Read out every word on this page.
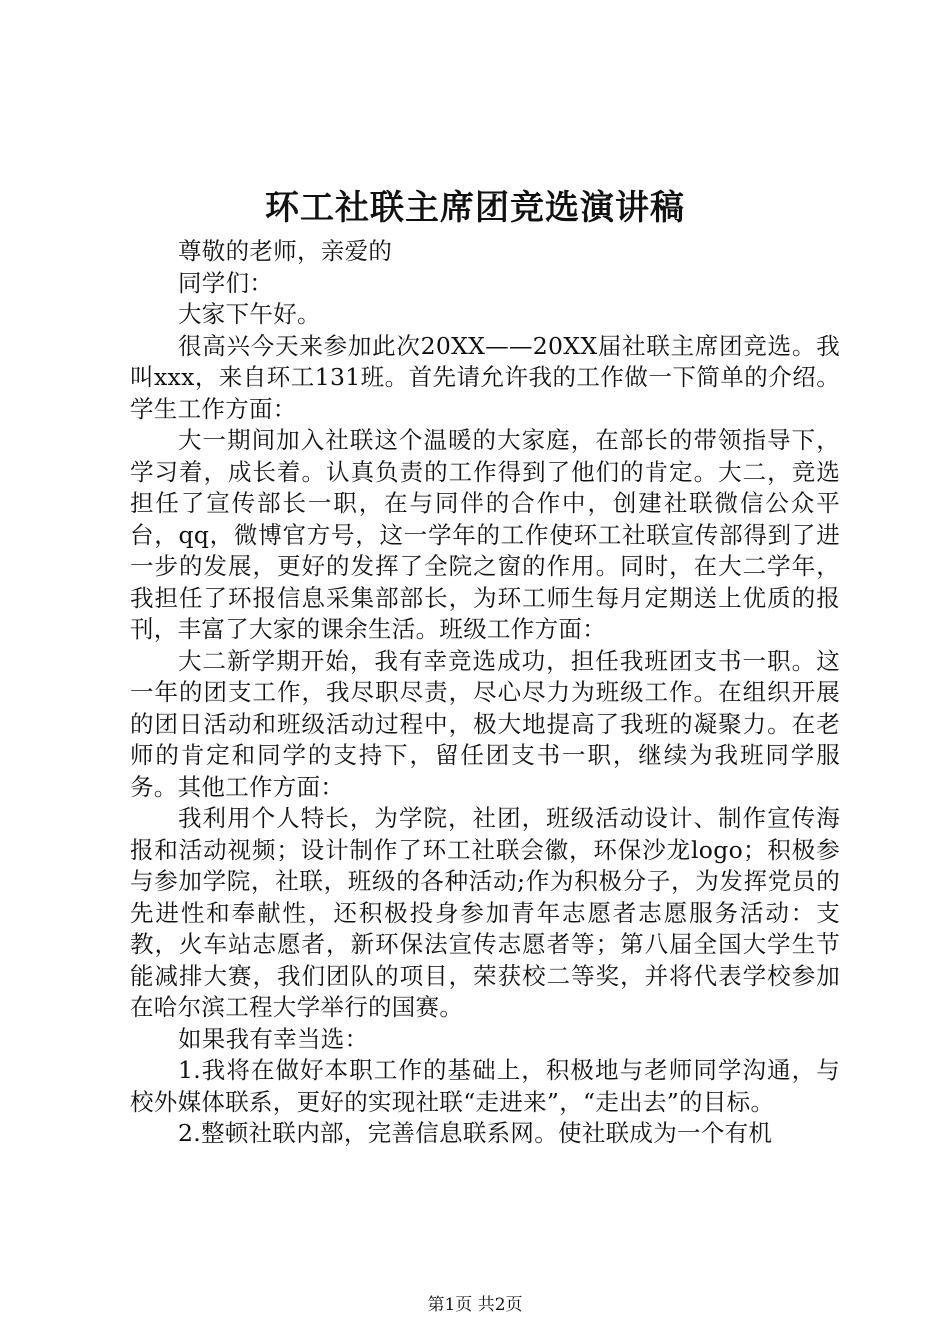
环工社联主席团竞选演讲稿

尊敬的老师，亲爱的

同学们：

大家下午好。

很高兴今天来参加此次20XX——20XX届社联主席团竞选。我叫xxx，来自环工131班。首先请允许我的工作做一下简单的介绍。学生工作方面：

大一期间加入社联这个温暖的大家庭，在部长的带领指导下，学习着，成长着。认真负责的工作得到了他们的肯定。大二，竞选担任了宣传部长一职，在与同伴的合作中，创建社联微信公众平台，qq，微博官方号，这一学年的工作使环工社联宣传部得到了进一步的发展，更好的发挥了全院之窗的作用。同时，在大二学年，我担任了环报信息采集部部长，为环工师生每月定期送上优质的报刊，丰富了大家的课余生活。班级工作方面：

大二新学期开始，我有幸竞选成功，担任我班团支书一职。这一年的团支工作，我尽职尽责，尽心尽力为班级工作。在组织开展的团日活动和班级活动过程中，极大地提高了我班的凝聚力。在老师的肯定和同学的支持下，留任团支书一职，继续为我班同学服务。其他工作方面：

我利用个人特长，为学院，社团，班级活动设计、制作宣传海报和活动视频；设计制作了环工社联会徽，环保沙龙logo；积极参与参加学院，社联，班级的各种活动;作为积极分子，为发挥党员的先进性和奉献性，还积极投身参加青年志愿者志愿服务活动：支教，火车站志愿者，新环保法宣传志愿者等；第八届全国大学生节能减排大赛，我们团队的项目，荣获校二等奖，并将代表学校参加在哈尔滨工程大学举行的国赛。

如果我有幸当选：

1.我将在做好本职工作的基础上，积极地与老师同学沟通，与校外媒体联系，更好的实现社联“走进来”，“走出去”的目标。

2.整顿社联内部，完善信息联系网。使社联成为一个有机

第1页 共2页
